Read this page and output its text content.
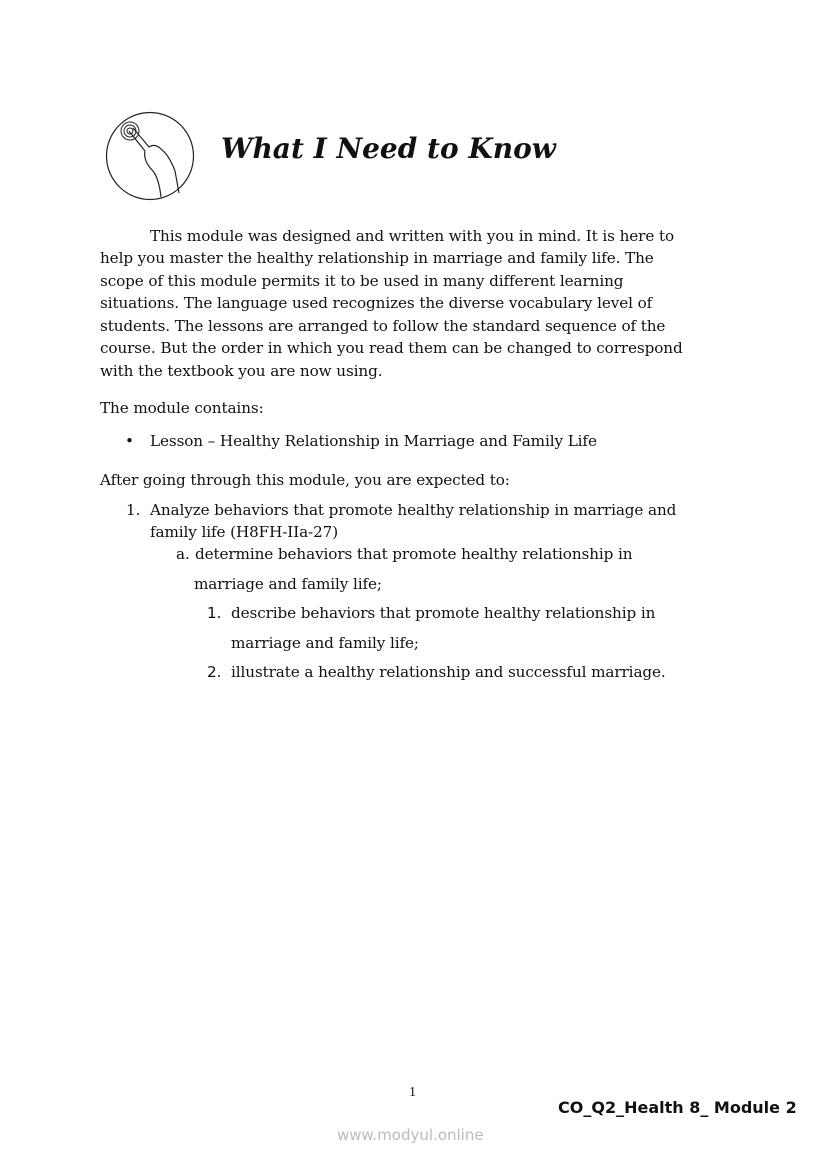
What I Need to Know
This module was designed and written with you in mind. It is here to
help you master the healthy relationship in marriage and family life. The
scope of this module permits it to be used in many different learning
situations. The language used recognizes the diverse vocabulary level of
students. The lessons are arranged to follow the standard sequence of the
course. But the order in which you read them can be changed to correspond
with the textbook you are now using.
The module contains:
• Lesson – Healthy Relationship in Marriage and Family Life
After going through this module, you are expected to:
1. Analyze behaviors that promote healthy relationship in marriage and
family life (H8FH-IIa-27)
a. determine behaviors that promote healthy relationship in
marriage and family life;
1. describe behaviors that promote healthy relationship in
marriage and family life;
2. illustrate a healthy relationship and successful marriage.
1
CO_Q2_Health 8_ Module 2
www.modyul.online
